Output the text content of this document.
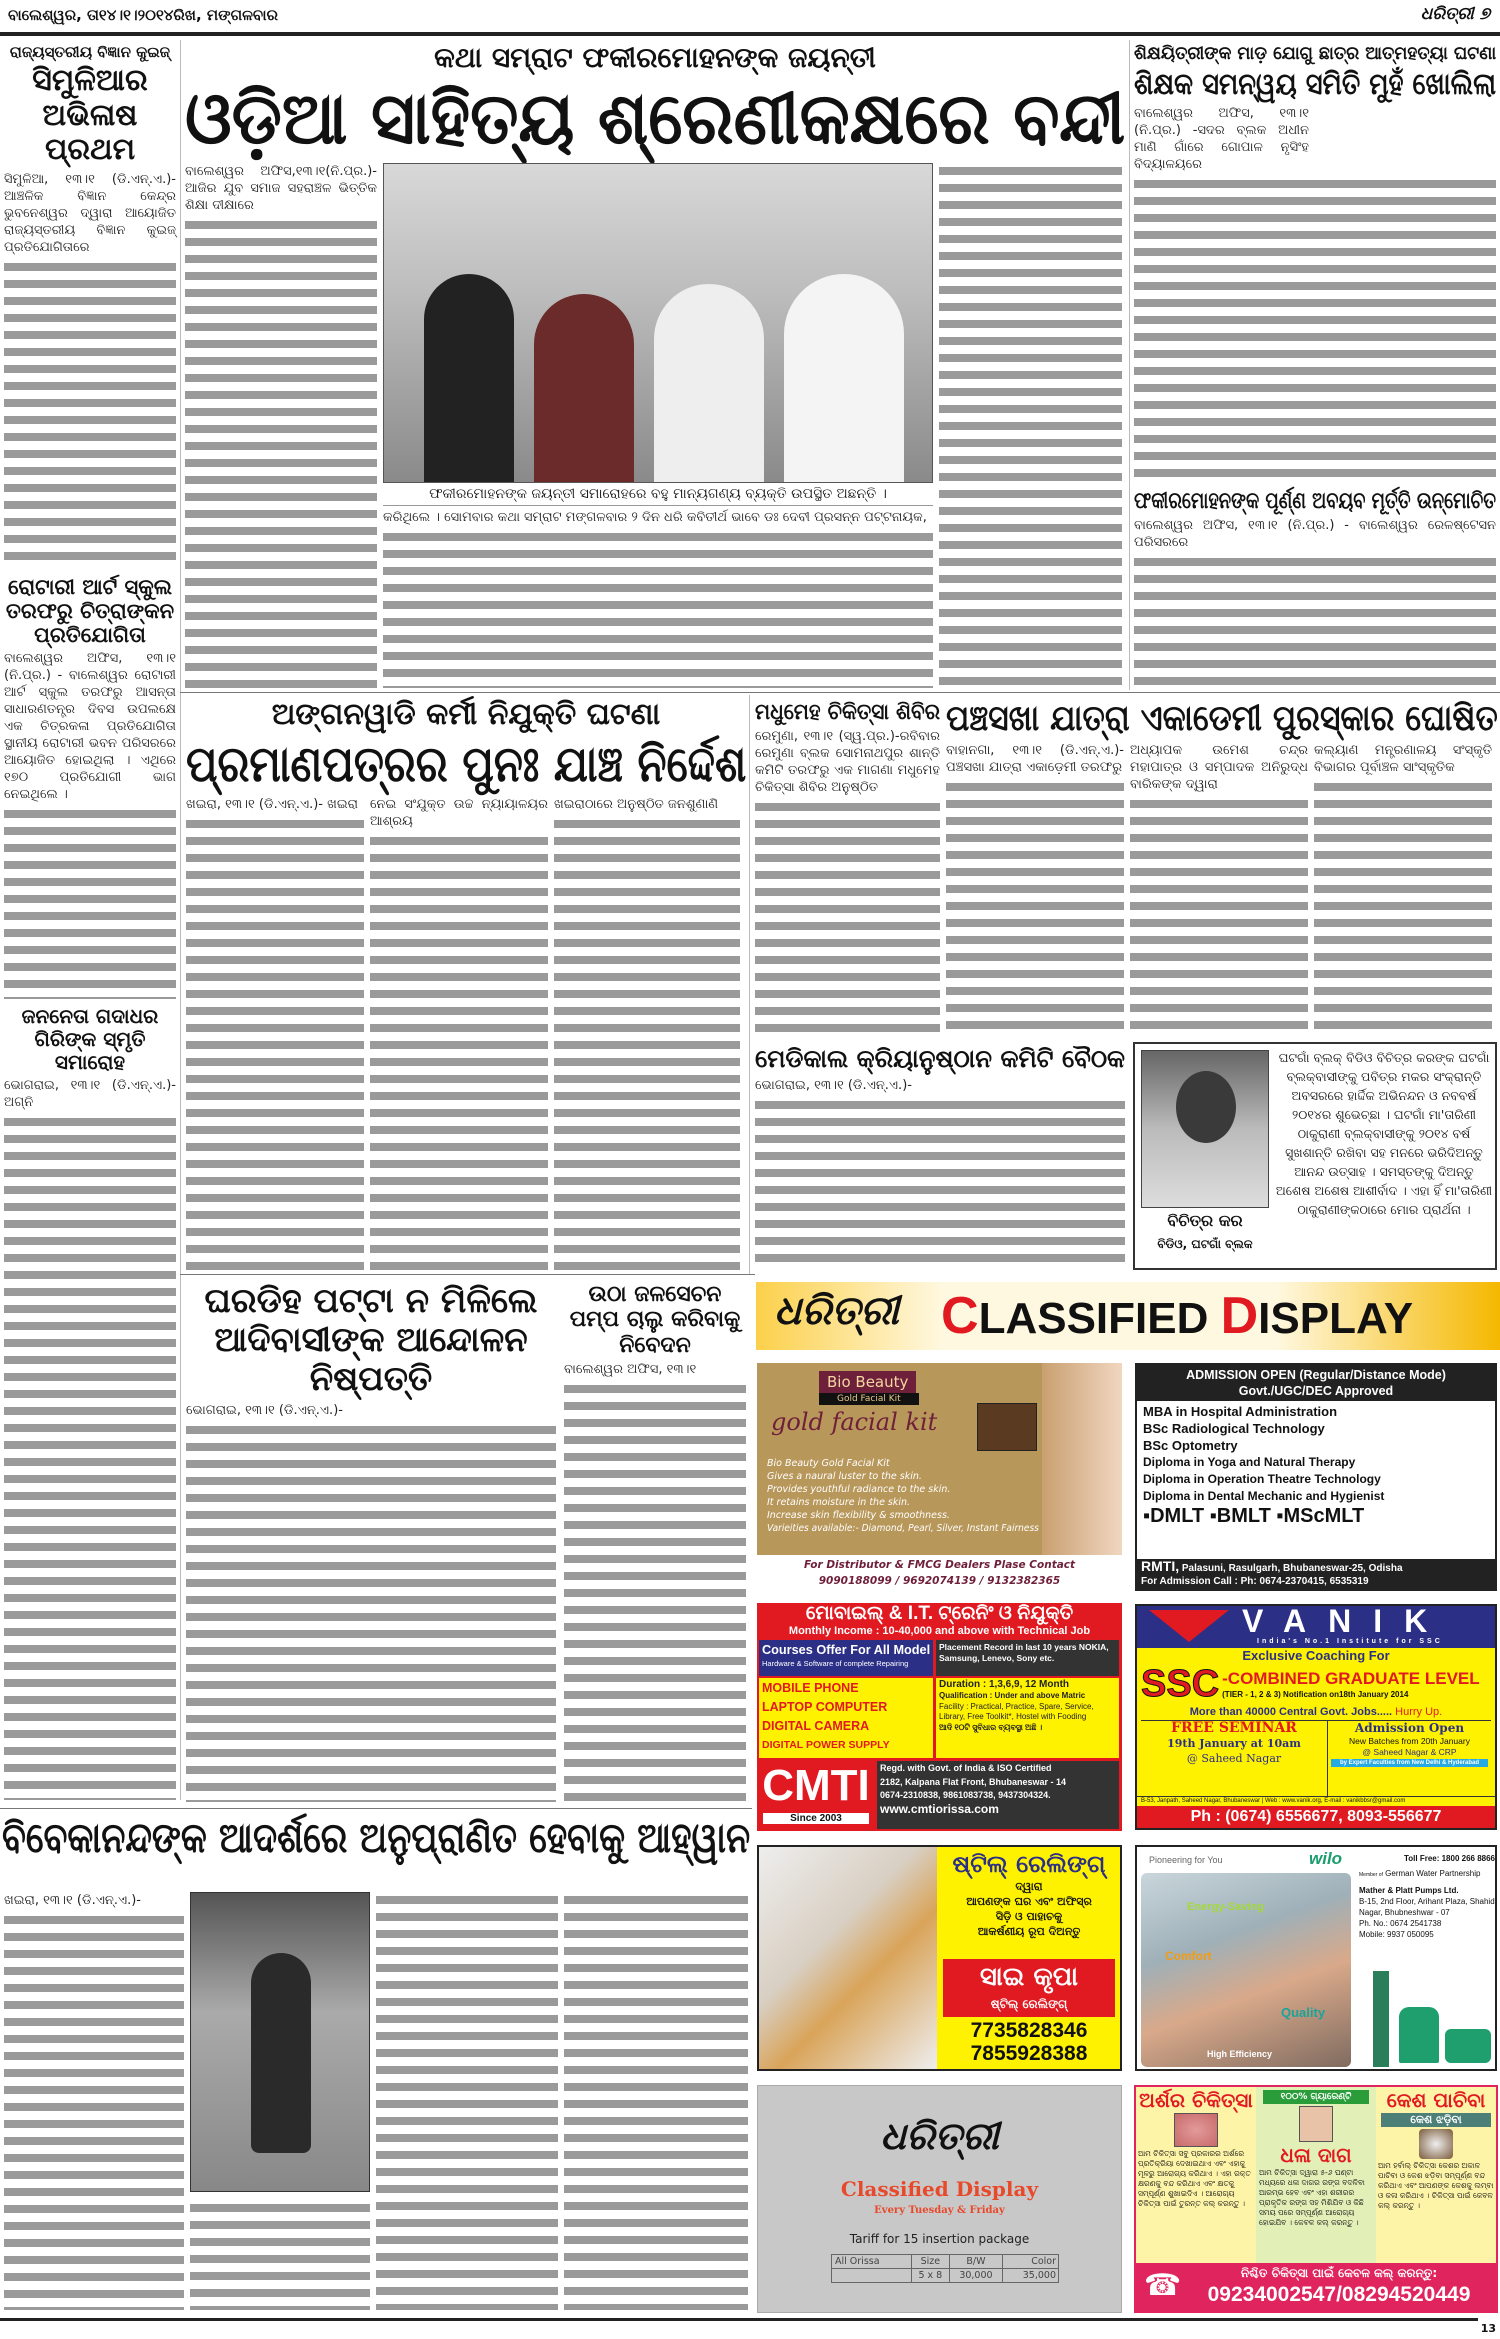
ବାଲେଶ୍ୱର, ତା୧୪।୧।୨୦୧୪ରିଖ, ମଙ୍ଗଳବାର	ଧରିତ୍ରୀ ୭
ରାଜ୍ୟସ୍ତରୀୟ ବିଜ୍ଞାନ କୁଇଜ୍
ସିମୁଳିଆର ଅଭିଳାଷ ପ୍ରଥମ
ସିମୁଳିଆ, ୧୩।୧ (ଡି.ଏନ୍.ଏ.)- ଆଞ୍ଚଳିକ ବିଜ୍ଞାନ କେନ୍ଦ୍ର ଭୁବନେଶ୍ୱର ଦ୍ୱାରା ଆୟୋଜିତ ରାଜ୍ୟସ୍ତରୀୟ ବିଜ୍ଞାନ କୁଇଜ୍ ପ୍ରତିଯୋଗିତାରେ
ରୋଟାରୀ ଆର୍ଟ ସ୍କୁଲ ତରଫରୁ ଚିତ୍ରାଙ୍କନ ପ୍ରତିଯୋଗିତା
ବାଲେଶ୍ୱର ଅଫିସ, ୧୩।୧ (ନି.ପ୍ର.) - ବାଲେଶ୍ୱର ରୋଟାରୀ ଆର୍ଟ ସ୍କୁଲ ତରଫରୁ ଆସନ୍ତା ସାଧାରଣତନ୍ତ୍ର ଦିବସ ଉପଲକ୍ଷେ ଏକ ଚିତ୍ରକଳା ପ୍ରତିଯୋଗିତା ସ୍ଥାନୀୟ ରୋଟାରୀ ଭବନ ପରିସରରେ ଆୟୋଜିତ ହୋଇଥିଲା । ଏଥିରେ ୧୭୦ ପ୍ରତିଯୋଗୀ ଭାଗ ନେଇଥିଲେ ।
ଜନନେତା ଗଦାଧର ଗିରିଙ୍କ ସ୍ମୃତି ସମାରୋହ
ଭୋଗରାଇ, ୧୩।୧ (ଡି.ଏନ୍.ଏ.)-ଅଗ୍ନି
କଥା ସମ୍ରାଟ ଫକୀରମୋହନଙ୍କ ଜୟନ୍ତୀ
ଓଡ଼ିଆ ସାହିତ୍ୟ ଶ୍ରେଣୀକକ୍ଷରେ ବନ୍ଦୀ
ବାଲେଶ୍ୱର ଅଫିସ,୧୩।୧(ନି.ପ୍ର.)- ଆଜିର ଯୁବ ସମାଜ ସହରାଞ୍ଚଳ ଭିତ୍ତିକ ଶିକ୍ଷା ଦୀକ୍ଷାରେ
ଫକୀରମୋହନଙ୍କ ଜୟନ୍ତୀ ସମାରୋହରେ ବହୁ ମାନ୍ୟଗଣ୍ୟ ବ୍ୟକ୍ତି ଉପସ୍ଥିତ ଅଛନ୍ତି ।
କରିଥିଲେ । ସୋମବାର କଥା ସମ୍ରାଟ ମଙ୍ଗଳବାର ୨ ଦିନ ଧରି କବିତୀର୍ଥ ଭାବେ ଡଃ ଦେବୀ ପ୍ରସନ୍ନ ପଟ୍ଟନାୟକ,
ଶିକ୍ଷୟିତ୍ରୀଙ୍କ ମାଡ଼ ଯୋଗୁ ଛାତ୍ର ଆତ୍ମହତ୍ୟା ଘଟଣା
ଶିକ୍ଷକ ସମନ୍ୱୟ ସମିତି ମୁହଁ ଖୋଲିଲା
ବାଲେଶ୍ୱର ଅଫିସ, ୧୩।୧ (ନି.ପ୍ର.) -ସଦର ବ୍ଲକ ଅଧୀନ ମାଣି ଗାଁରେ ଗୋପାଳ ନୃସିଂହ ବିଦ୍ୟାଳୟରେ
ଫକୀରମୋହନଙ୍କ ପୂର୍ଣ୍ଣ ଅବୟବ ମୂର୍ତ୍ତି ଉନ୍ମୋଚିତ
ବାଲେଶ୍ୱର ଅଫିସ, ୧୩।୧ (ନି.ପ୍ର.) - ବାଲେଶ୍ୱର ରେଳଷ୍ଟେସନ ପରିସରରେ
ଅଙ୍ଗନୱାଡି କର୍ମୀ ନିଯୁକ୍ତି ଘଟଣା
ପ୍ରମାଣପତ୍ରର ପୁନଃ ଯାଞ୍ଚ ନିର୍ଦ୍ଦେଶ
ଖଇରା, ୧୩।୧ (ଡି.ଏନ୍.ଏ.)- ଖଇରା ନେଇ ସଂଯୁକ୍ତ ଉଚ୍ଚ ନ୍ୟାୟାଳୟର ଆଶ୍ରୟ
ଖଇରାଠାରେ ଅନୁଷ୍ଠିତ ଜନଶୁଣାଣି
ମଧୁମେହ ଚିକିତ୍ସା ଶିବିର
ରେମୁଣା, ୧୩।୧ (ସ୍ୱ.ପ୍ର.)-ରବିବାର ରେମୁଣା ବ୍ଲକ ସୋମନାଥପୁର ଶାନ୍ତି କମିଟି ତରଫରୁ ଏକ ମାଗଣା ମଧୁମେହ ଚିକିତ୍ସା ଶିବିର ଅନୁଷ୍ଠିତ
ପଞ୍ଚସଖା ଯାତ୍ରା ଏକାଡେମୀ ପୁରସ୍କାର ଘୋଷିତ
ବାହାନଗା, ୧୩।୧ (ଡି.ଏନ୍.ଏ.)- ପଞ୍ଚସଖା ଯାତ୍ରା ଏକାଡ଼େମୀ ତରଫରୁ
ଅଧ୍ୟାପକ ଉମେଶ ଚନ୍ଦ୍ର ମହାପାତ୍ର ଓ ସମ୍ପାଦକ ଅନିରୁଦ୍ଧ ବାରିକଙ୍କ ଦ୍ୱାରା
କଲ୍ୟାଣ ମନ୍ତ୍ରଣାଳୟ ସଂସ୍କୃତି ବିଭାଗର ପୂର୍ବାଞ୍ଚଳ ସାଂସ୍କୃତିକ
ମେଡିକାଲ କ୍ରିୟାନୁଷ୍ଠାନ କମିଟି ବୈଠକ
ଭୋଗରାଇ, ୧୩।୧ (ଡି.ଏନ୍.ଏ.)-
ବିଚିତ୍ର କର
ବିଡିଓ, ଘଟଗାଁ ବ୍ଲକ
ଘଟଗାଁ ବ୍ଲକ୍ ବିଡିଓ ବିଚିତ୍ର କରଙ୍କ ଘଟଗାଁ ବ୍ଲକ୍‌ବାସୀଙ୍କୁ ପବିତ୍ର ମକର ସଂକ୍ରାନ୍ତି ଅବସରରେ ହାର୍ଦ୍ଦିକ ଅଭିନନ୍ଦନ ଓ ନବବର୍ଷ ୨୦୧୪ର ଶୁଭେଚ୍ଛା । ଘଟଗାଁ ମା'ତାରିଣୀ ଠାକୁରାଣୀ ବ୍ଲକ୍‌ବାସୀଙ୍କୁ ୨୦୧୪ ବର୍ଷ ସୁଖଶାନ୍ତି ରଖିବା ସହ ମନରେ ଭରିଦିଅନ୍ତୁ ଆନନ୍ଦ ଉତ୍ସାହ । ସମସ୍ତଙ୍କୁ ଦିଅନ୍ତୁ ଅଶେଷ ଅଶେଷ ଆଶୀର୍ବାଦ । ଏହା ହିଁ ମା'ତାରିଣୀ ଠାକୁରାଣୀଙ୍କଠାରେ ମୋର ପ୍ରାର୍ଥନା ।
ଘରଡିହ ପଟ୍ଟା ନ ମିଳିଲେ ଆଦିବାସୀଙ୍କ ଆନ୍ଦୋଳନ ନିଷ୍ପତ୍ତି
ଭୋଗରାଇ, ୧୩।୧ (ଡି.ଏନ୍.ଏ.)-
ଉଠା ଜଳସେଚନ ପମ୍ପ ଚାଲୁ କରିବାକୁ ନିବେଦନ
ବାଲେଶ୍ୱର ଅଫିସ, ୧୩।୧
ବିବେକାନନ୍ଦଙ୍କ ଆଦର୍ଶରେ ଅନୁପ୍ରାଣିତ ହେବାକୁ ଆହ୍ୱାନ
ଖଇରା, ୧୩।୧ (ଡି.ଏନ୍.ଏ.)-
ଧରିତ୍ରୀ CLASSIFIED DISPLAY
Bio Beauty
Gold Facial Kit
gold facial kit
Bio Beauty Gold Facial Kit
Gives a naural luster to the skin.
Provides youthful radiance to the skin.
It retains moisture in the skin.
Increase skin flexibility & smoothness.
Varieities available:- Diamond, Pearl, Silver, Instant Fairness
For Distributor & FMCG Dealers Plase Contact
9090188099 / 9692074139 / 9132382365
ADMISSION OPEN (Regular/Distance Mode)
Govt./UGC/DEC Approved
MBA in Hospital Administration
BSc Radiological Technology
BSc Optometry
Diploma in Yoga and Natural Therapy
Diploma in Operation Theatre Technology
Diploma in Dental Mechanic and Hygienist
▪DMLT ▪BMLT ▪MScMLT
RMTI, Palasuni, Rasulgarh, Bhubaneswar-25, Odisha
For Admission Call : Ph: 0674-2370415, 6535319
ମୋବାଇଲ୍ & I.T. ଟ୍ରେନିଂ ଓ ନିଯୁକ୍ତି
Monthly Income : 10-40,000 and above with Technical Job
Courses Offer For All Model
Hardware & Software of complete Repairing
Placement Record in last 10 years NOKIA, Samsung, Lenevo, Sony etc.
MOBILE PHONE
LAPTOP COMPUTER
DIGITAL CAMERA
DIGITAL POWER SUPPLY
Duration : 1,3,6,9, 12 Month
Qualification : Under and above Matric
Facility : Practical, Practice, Spare, Service, Library, Free Toolkit*, Hostel with Fooding
ଆଦି ୧୦ଟି ସୁବିଧାର ବ୍ୟବସ୍ଥା ଅଛି ।
CMTI
Since 2003
Regd. with Govt. of India & ISO Certified
2182, Kalpana Flat Front, Bhubaneswar - 14
0674-2310838, 9861083738, 9437304324.
www.cmtiorissa.com
VANIK
India's No.1 Institute for SSC
Exclusive Coaching For
SSC -COMBINED GRADUATE LEVEL
(TIER - 1, 2 & 3) Notification on18th January 2014
More than 40000 Central Govt. Jobs..... Hurry Up.
FREE SEMINAR
19th January at 10am
@ Saheed Nagar
Admission Open
New Batches from 20th January
@ Saheed Nagar & CRP
by Expert Faculties from New Delhi & Hyderabad
B-53, Janpath, Saheed Nagar, Bhubaneswar | Web : www.vanik.org, E-mail : vanikbbsr@gmail.com
Ph : (0674) 6556677, 8093-556677
ଷ୍ଟିଲ୍ ରେଲିଙ୍ଗ୍
ଦ୍ୱାରା
ଆପଣଙ୍କ ଘର ଏବଂ ଅଫିସ୍‌ର
ସିଡ଼ି ଓ ପାହାଚକୁ
ଆକର୍ଷଣୀୟ ରୂପ ଦିଅନ୍ତୁ
ସାଇ କୃପା
ଷ୍ଟିଲ୍ ରେଲିଙ୍ଗ୍
7735828346
7855928388
Pioneering for You	wilo
Energy-Saving
Comfort
Quality
High Efficiency
Toll Free: 1800 266 8866
Member of German Water Partnership
Mather & Platt Pumps Ltd.
B-15, 2nd Floor, Arihant Plaza, Shahid Nagar, Bhubneshwar - 07
Ph. No.: 0674 2541738
Mobile: 9937 050095
ଧରିତ୍ରୀ
Classified Display
Every Tuesday & Friday
Tariff for 15 insertion package
All Orissa	Size	B/W	Color
	5 x 8	30,000	35,000
ଅର୍ଶର ଚିକିତ୍ସା
ଆମ ଚିକିତ୍ସା ସବୁ ପ୍ରକାରର ଅର୍ଶରେ ପ୍ରତିକ୍ରିୟା ଦେଖାଇଥାଏ ଏବଂ ଏହାକୁ ମୂଳରୁ ଆରୋଗ୍ୟ କରିଥାଏ । ଏହା ରକ୍ତ କ୍ଷରଣକୁ ବନ୍ଦ କରିଥାଏ ଏବଂ କ୍ଷତକୁ ସମ୍ପୂର୍ଣ୍ଣ ଶୁଖାଇଦିଏ । ଆରୋଗ୍ୟ ଚିକିତ୍ସା ପାଇଁ ତୁରନ୍ତ କଲ୍ କରନ୍ତୁ ।
୧୦୦% ଗ୍ୟାରେଣ୍ଟି
ଧଳା ଦାଗ
ଆମ ଚିକିତ୍ସା ଦ୍ୱାରା ୫-୬ ଘଣ୍ଟା ମଧ୍ୟରେ ଧଳା ଦାଗର ରଙ୍ଗ ବଦଳିବା ଆରମ୍ଭ ହେବ ଏବଂ ଏହା ଶରୀରର ପ୍ରାକୃତିକ ରଙ୍ଗ ସହ ମିଶିଯିବ ଓ କିଛି ସମୟ ପରେ ସମ୍ପୂର୍ଣ୍ଣ ଆରୋଗ୍ୟ ହୋଇଯିବ । କେବଳ କଲ୍ କରନ୍ତୁ ।
କେଶ ପାଚିବା
କେଶ ଝଡ଼ିବା
ଆମ ହର୍ବାଲ୍ ଚିକିତ୍ସା କେଶର ଅକାଳ ପାଚିବା ଓ କେଶ ଝଡ଼ିବା ସମ୍ପୂର୍ଣ୍ଣ ବନ୍ଦ କରିଥାଏ ଏବଂ ଆପଣଙ୍କ କେଶକୁ ଲମ୍ବା ଓ କଳା କରିଥାଏ । ଚିକିତ୍ସା ପାଇଁ କେବଳ କଲ୍ କରନ୍ତୁ ।
☎	ନିଶ୍ଚିତ ଚିକିତ୍ସା ପାଇଁ କେବଳ କଲ୍ କରନ୍ତୁ:
09234002547/08294520449
13
